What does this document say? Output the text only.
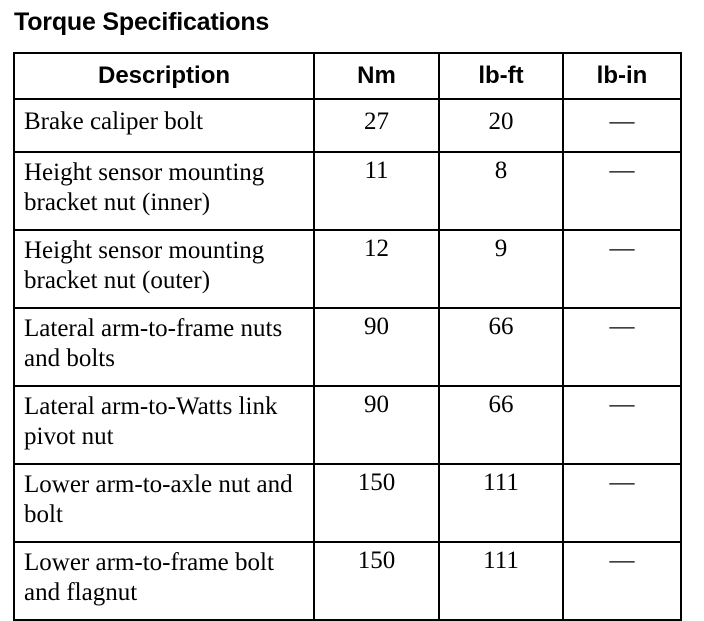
Torque Specifications
Description	Nm	lb-ft	lb-in
Brake caliper bolt	27	20	—
Height sensor mounting bracket nut (inner)	11	8	—
Height sensor mounting bracket nut (outer)	12	9	—
Lateral arm-to-frame nuts and bolts	90	66	—
Lateral arm-to-Watts link pivot nut	90	66	—
Lower arm-to-axle nut and bolt	150	111	—
Lower arm-to-frame bolt and flagnut	150	111	—
